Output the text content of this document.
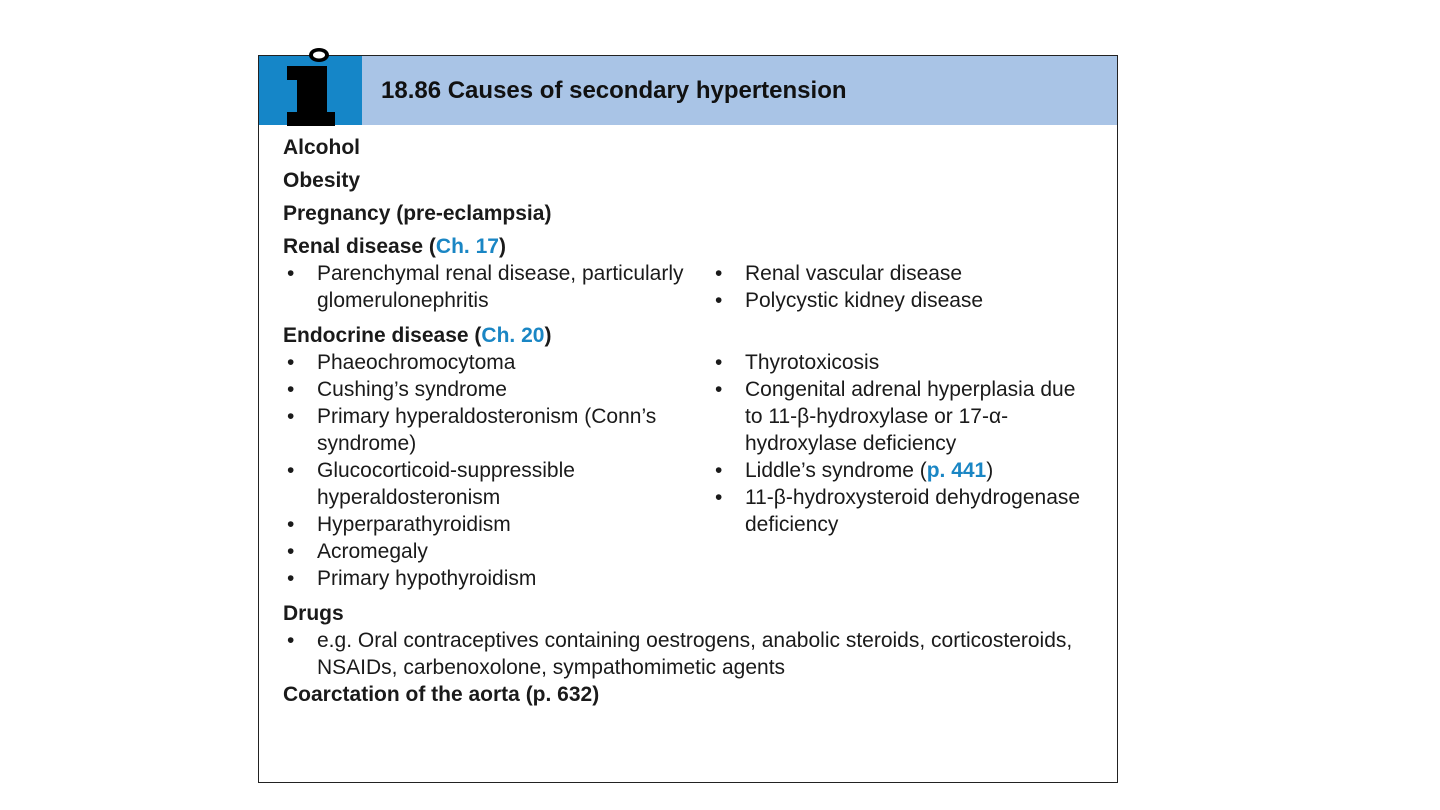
18.86 Causes of secondary hypertension

Alcohol

Obesity

Pregnancy (pre-eclampsia)

Renal disease (Ch. 17)

• Parenchymal renal disease, particularly glomerulonephritis
• Renal vascular disease
• Polycystic kidney disease

Endocrine disease (Ch. 20)

• Phaeochromocytoma
• Cushing’s syndrome
• Primary hyperaldosteronism (Conn’s syndrome)
• Glucocorticoid-suppressible hyperaldosteronism
• Hyperparathyroidism
• Acromegaly
• Primary hypothyroidism
• Thyrotoxicosis
• Congenital adrenal hyperplasia due to 11-β-hydroxylase or 17-α-hydroxylase deficiency
• Liddle’s syndrome (p. 441)
• 11-β-hydroxysteroid dehydrogenase deficiency

Drugs

• e.g. Oral contraceptives containing oestrogens, anabolic steroids, corticosteroids, NSAIDs, carbenoxolone, sympathomimetic agents

Coarctation of the aorta (p. 632)
